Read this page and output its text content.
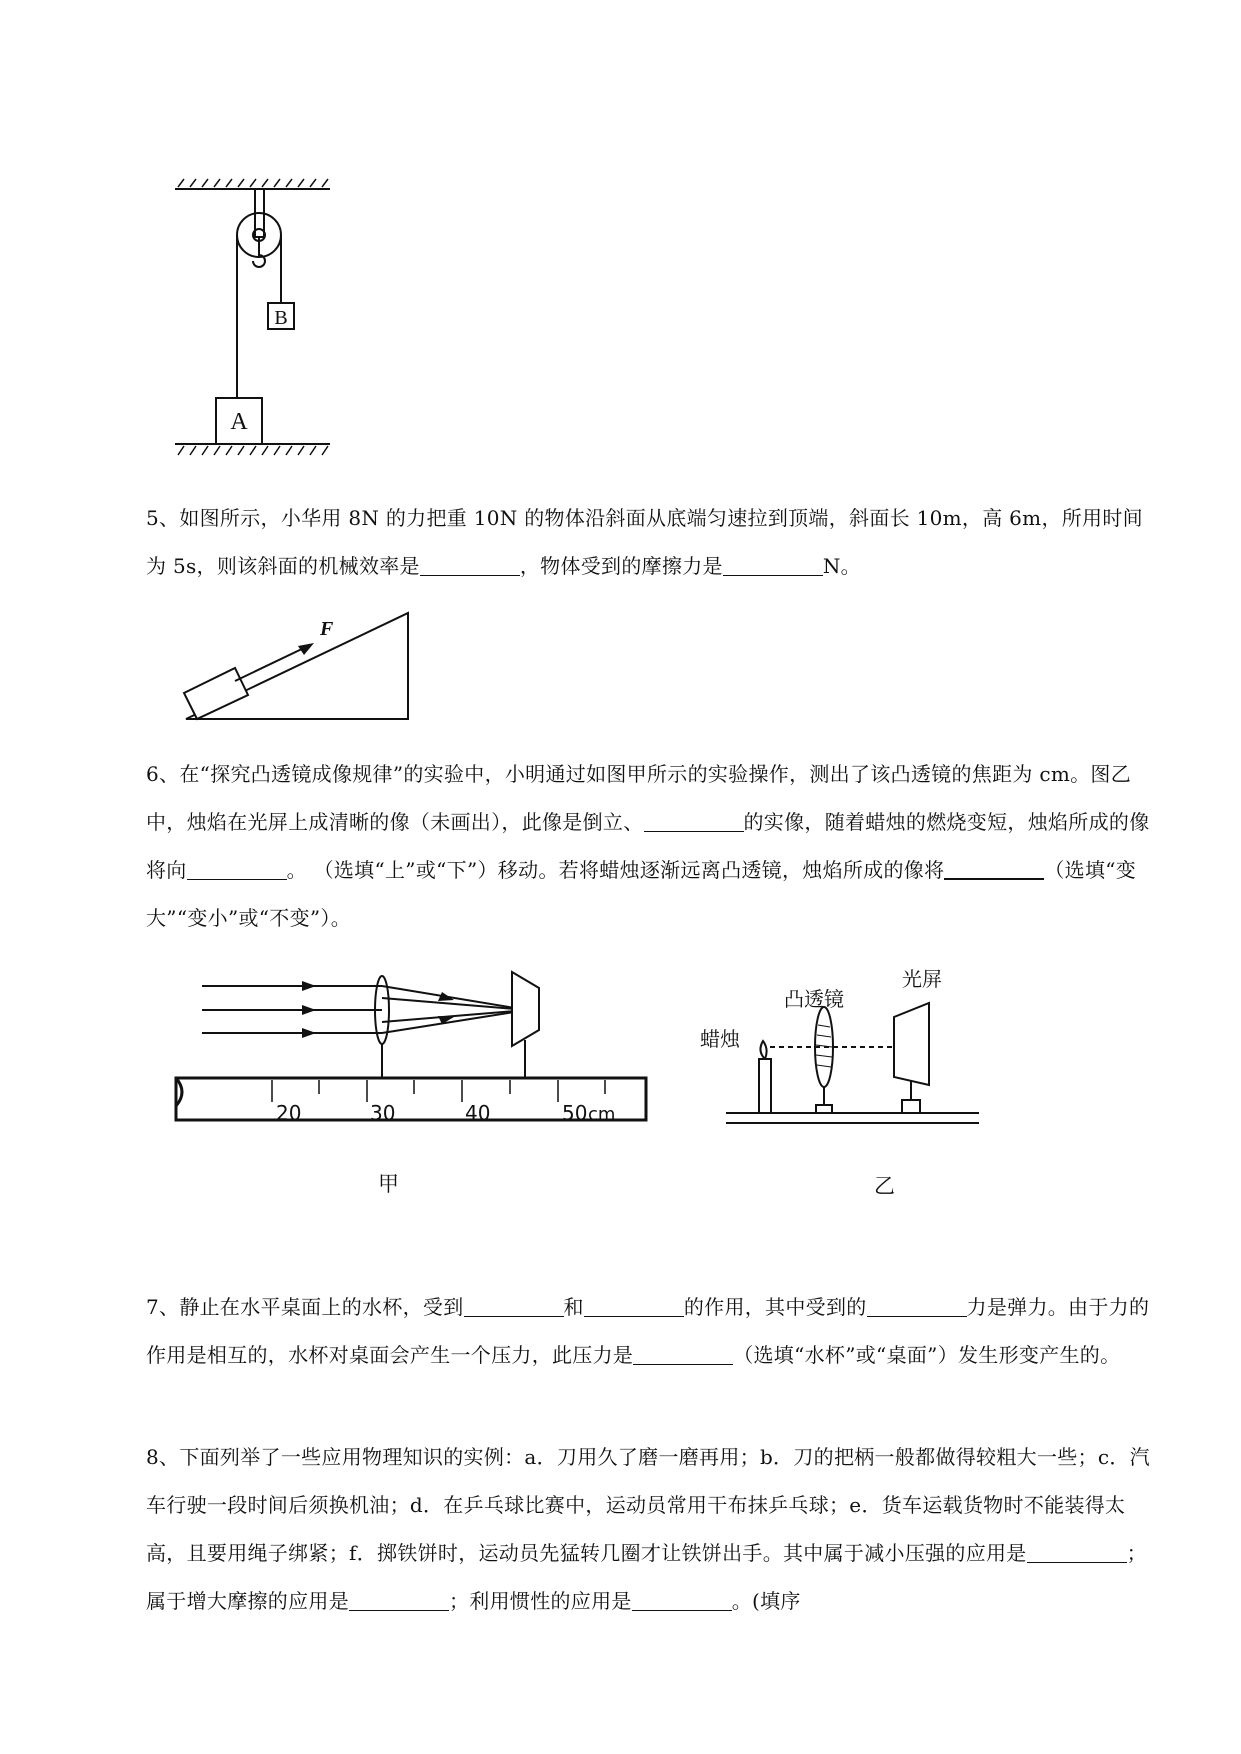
B
A

5、如图所示，小华用 8N 的力把重 10N 的物体沿斜面从底端匀速拉到顶端，斜面长 10m，高 6m，所用时间为 5s，则该斜面的机械效率是	，物体受到的摩擦力是	N。

F

6、在“探究凸透镜成像规律”的实验中，小明通过如图甲所示的实验操作，测出了该凸透镜的焦距为 cm。图乙中，烛焰在光屏上成清晰的像（未画出），此像是倒立、	的实像，随着蜡烛的燃烧变短，烛焰所成的像将向	。 （选填“上”或“下”）移动。若将蜡烛逐渐远离凸透镜，烛焰所成的像将	（选填“变大”“变小”或“不变”）。

20	30	40	50 cm
甲
蜡烛
凸透镜
光屏
乙

7、静止在水平桌面上的水杯，受到	和	的作用，其中受到的	力是弹力。由于力的作用是相互的，水杯对桌面会产生一个压力，此压力是	（选填“水杯”或“桌面”）发生形变产生的。

8、下面列举了一些应用物理知识的实例：a．刀用久了磨一磨再用；b．刀的把柄一般都做得较粗大一些；c．汽车行驶一段时间后须换机油；d．在乒乓球比赛中，运动员常用干布抹乒乓球；e．货车运载货物时不能装得太高，且要用绳子绑紧；f．掷铁饼时，运动员先猛转几圈才让铁饼出手。其中属于减小压强的应用是	；属于增大摩擦的应用是	；利用惯性的应用是	。(填序
